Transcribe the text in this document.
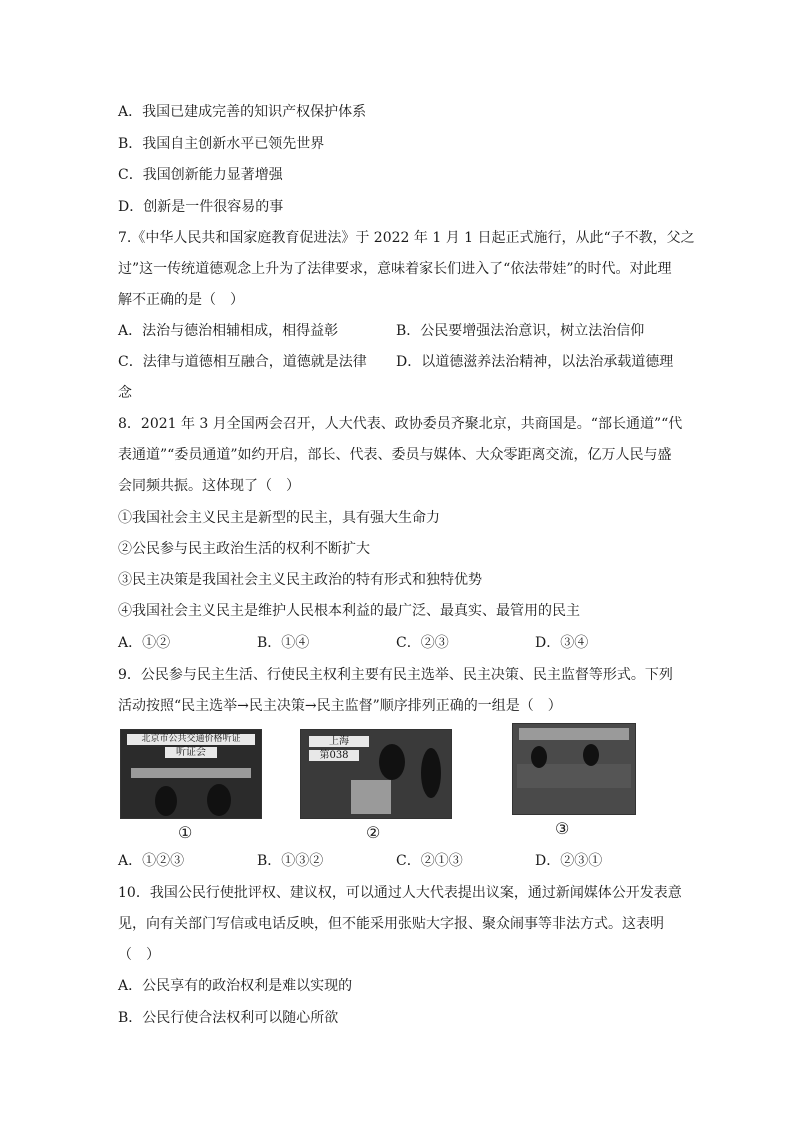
A．我国已建成完善的知识产权保护体系
B．我国自主创新水平已领先世界
C．我国创新能力显著增强
D．创新是一件很容易的事
7.《中华人民共和国家庭教育促进法》于 2022 年 1 月 1 日起正式施行，从此“子不教，父之
过”这一传统道德观念上升为了法律要求，意味着家长们进入了“依法带娃”的时代。对此理
解不正确的是（　）
A．法治与德治相辅相成，相得益彰	B．公民要增强法治意识，树立法治信仰
C．法律与道德相互融合，道德就是法律 D．以道德滋养法治精神，以法治承载道德理
念
8．2021 年 3 月全国两会召开，人大代表、政协委员齐聚北京，共商国是。“部长通道”“代
表通道”“委员通道”如约开启，部长、代表、委员与媒体、大众零距离交流，亿万人民与盛
会同频共振。这体现了（　）
①我国社会主义民主是新型的民主，具有强大生命力
②公民参与民主政治生活的权利不断扩大
③民主决策是我国社会主义民主政治的特有形式和独特优势
④我国社会主义民主是维护人民根本利益的最广泛、最真实、最管用的民主
A．①②	B．①④	C．②③	D．③④
9．公民参与民主生活、行使民主权利主要有民主选举、民主决策、民主监督等形式。下列
活动按照“民主选举→民主决策→民主监督”顺序排列正确的一组是（　）
北京市公共交通价格听证
听证会
①
上海
第038
②	③
A．①②③	B．①③②	C．②①③	D．②③①
10．我国公民行使批评权、建议权，可以通过人大代表提出议案，通过新闻媒体公开发表意
见，向有关部门写信或电话反映，但不能采用张贴大字报、聚众闹事等非法方式。这表明
（　）
A．公民享有的政治权利是难以实现的
B．公民行使合法权利可以随心所欲
